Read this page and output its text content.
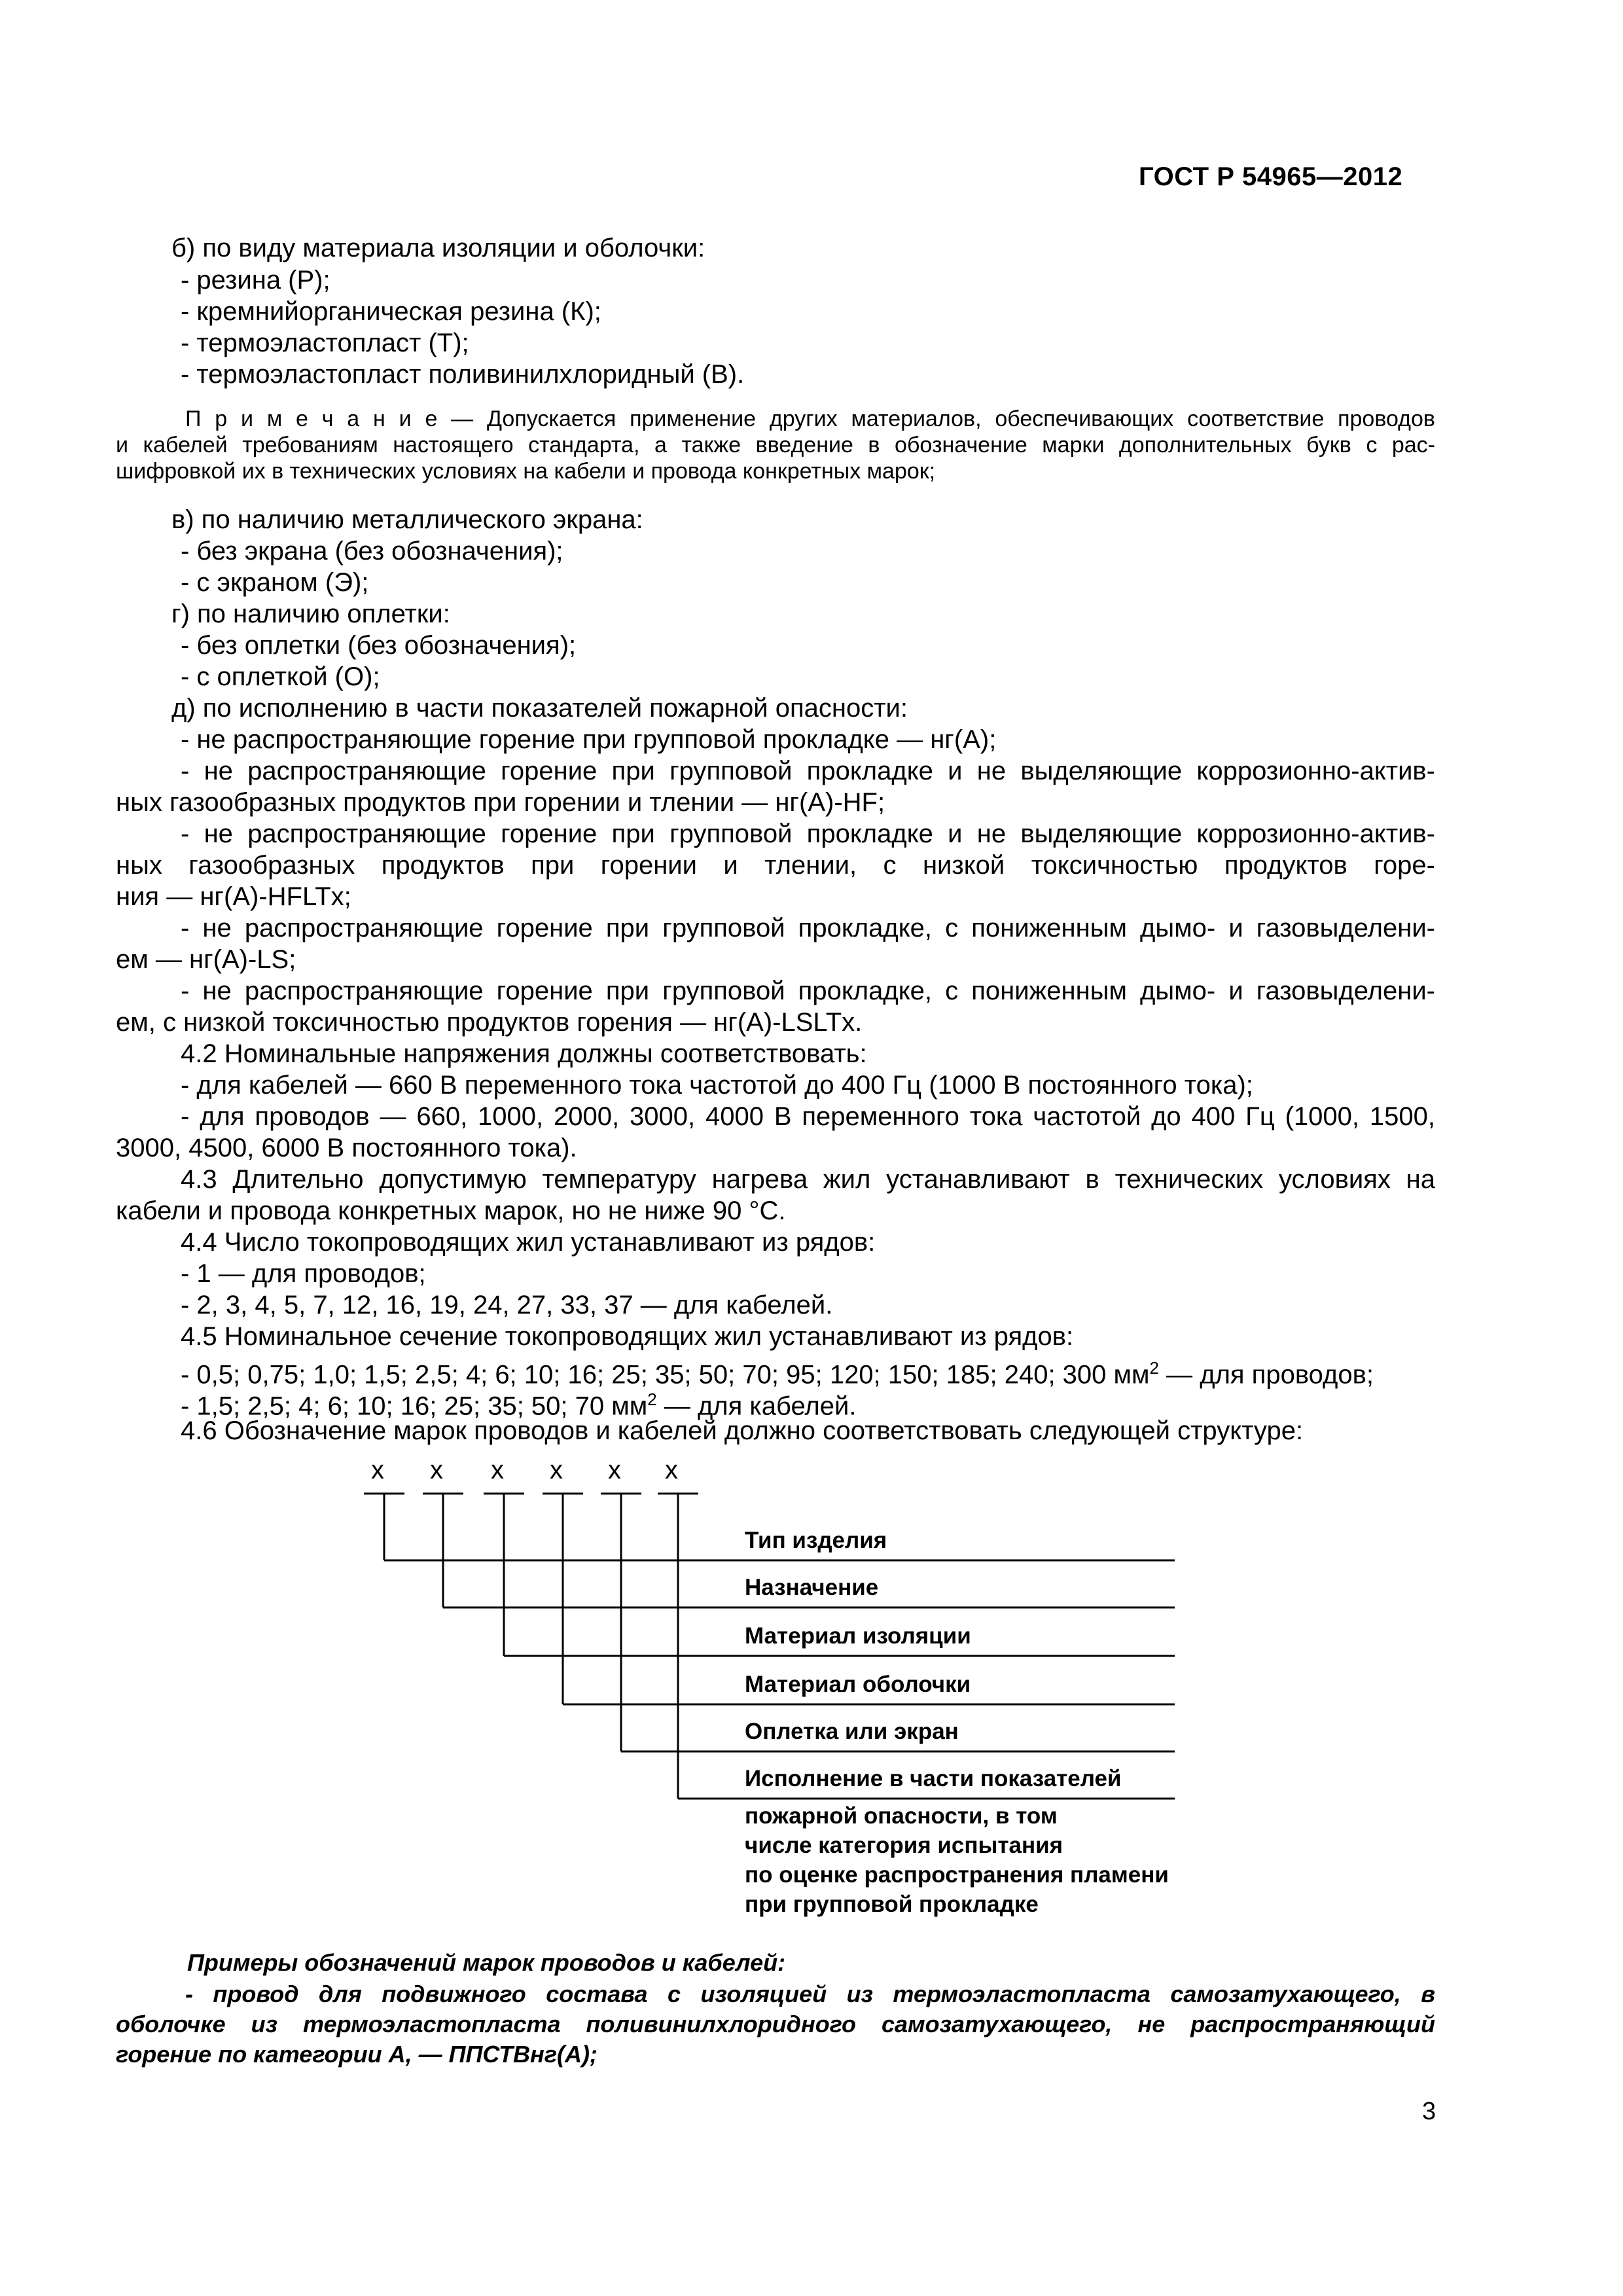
ГОСТ Р 54965—2012
б) по виду материала изоляции и оболочки:
- резина (Р);
- кремнийорганическая резина (К);
- термоэластопласт (Т);
- термоэластопласт поливинилхлоридный (В).
П р и м е ч а н и е — Допускается применение других материалов, обеспечивающих соответствие проводов
и кабелей требованиям настоящего стандарта, а также введение в обозначение марки дополнительных букв с рас-
шифровкой их в технических условиях на кабели и провода конкретных марок;
в) по наличию металлического экрана:
- без экрана (без обозначения);
- с экраном (Э);
г) по наличию оплетки:
- без оплетки (без обозначения);
- с оплеткой (О);
д) по исполнению в части показателей пожарной опасности:
- не распространяющие горение при групповой прокладке — нг(А);
- не распространяющие горение при групповой прокладке и не выделяющие коррозионно-актив-
ных газообразных продуктов при горении и тлении — нг(А)-HF;
- не распространяющие горение при групповой прокладке и не выделяющие коррозионно-актив-
ных газообразных продуктов при горении и тлении, с низкой токсичностью продуктов горе-
ния — нг(А)-HFLTx;
- не распространяющие горение при групповой прокладке, с пониженным дымо- и газовыделени-
ем — нг(А)-LS;
- не распространяющие горение при групповой прокладке, с пониженным дымо- и газовыделени-
ем, с низкой токсичностью продуктов горения — нг(А)-LSLTx.
4.2 Номинальные напряжения должны соответствовать:
- для кабелей — 660 В переменного тока частотой до 400 Гц (1000 В постоянного тока);
- для проводов — 660, 1000, 2000, 3000, 4000 В переменного тока частотой до 400 Гц (1000, 1500,
3000, 4500, 6000 В постоянного тока).
4.3 Длительно допустимую температуру нагрева жил устанавливают в технических условиях на
кабели и провода конкретных марок, но не ниже 90 °С.
4.4 Число токопроводящих жил устанавливают из рядов:
- 1 — для проводов;
- 2, 3, 4, 5, 7, 12, 16, 19, 24, 27, 33, 37 — для кабелей.
4.5 Номинальное сечение токопроводящих жил устанавливают из рядов:
- 0,5; 0,75; 1,0; 1,5; 2,5; 4; 6; 10; 16; 25; 35; 50; 70; 95; 120; 150; 185; 240; 300 $мм^2$ — для проводов;
- 1,5; 2,5; 4; 6; 10; 16; 25; 35; 50; 70 $мм^2$ — для кабелей.
4.6 Обозначение марок проводов и кабелей должно соответствовать следующей структуре:
х х х х х х
Тип изделия
Назначение
Материал изоляции
Материал оболочки
Оплетка или экран
Исполнение в части показателей
пожарной опасности, в том
числе категория испытания
по оценке распространения пламени
при групповой прокладке
Примеры обозначений марок проводов и кабелей:
- провод для подвижного состава с изоляцией из термоэластопласта самозатухающего, в
оболочке из термоэластопласта поливинилхлоридного самозатухающего, не распространяющий
горение по категории А, — ППСТВнг(А);
3
